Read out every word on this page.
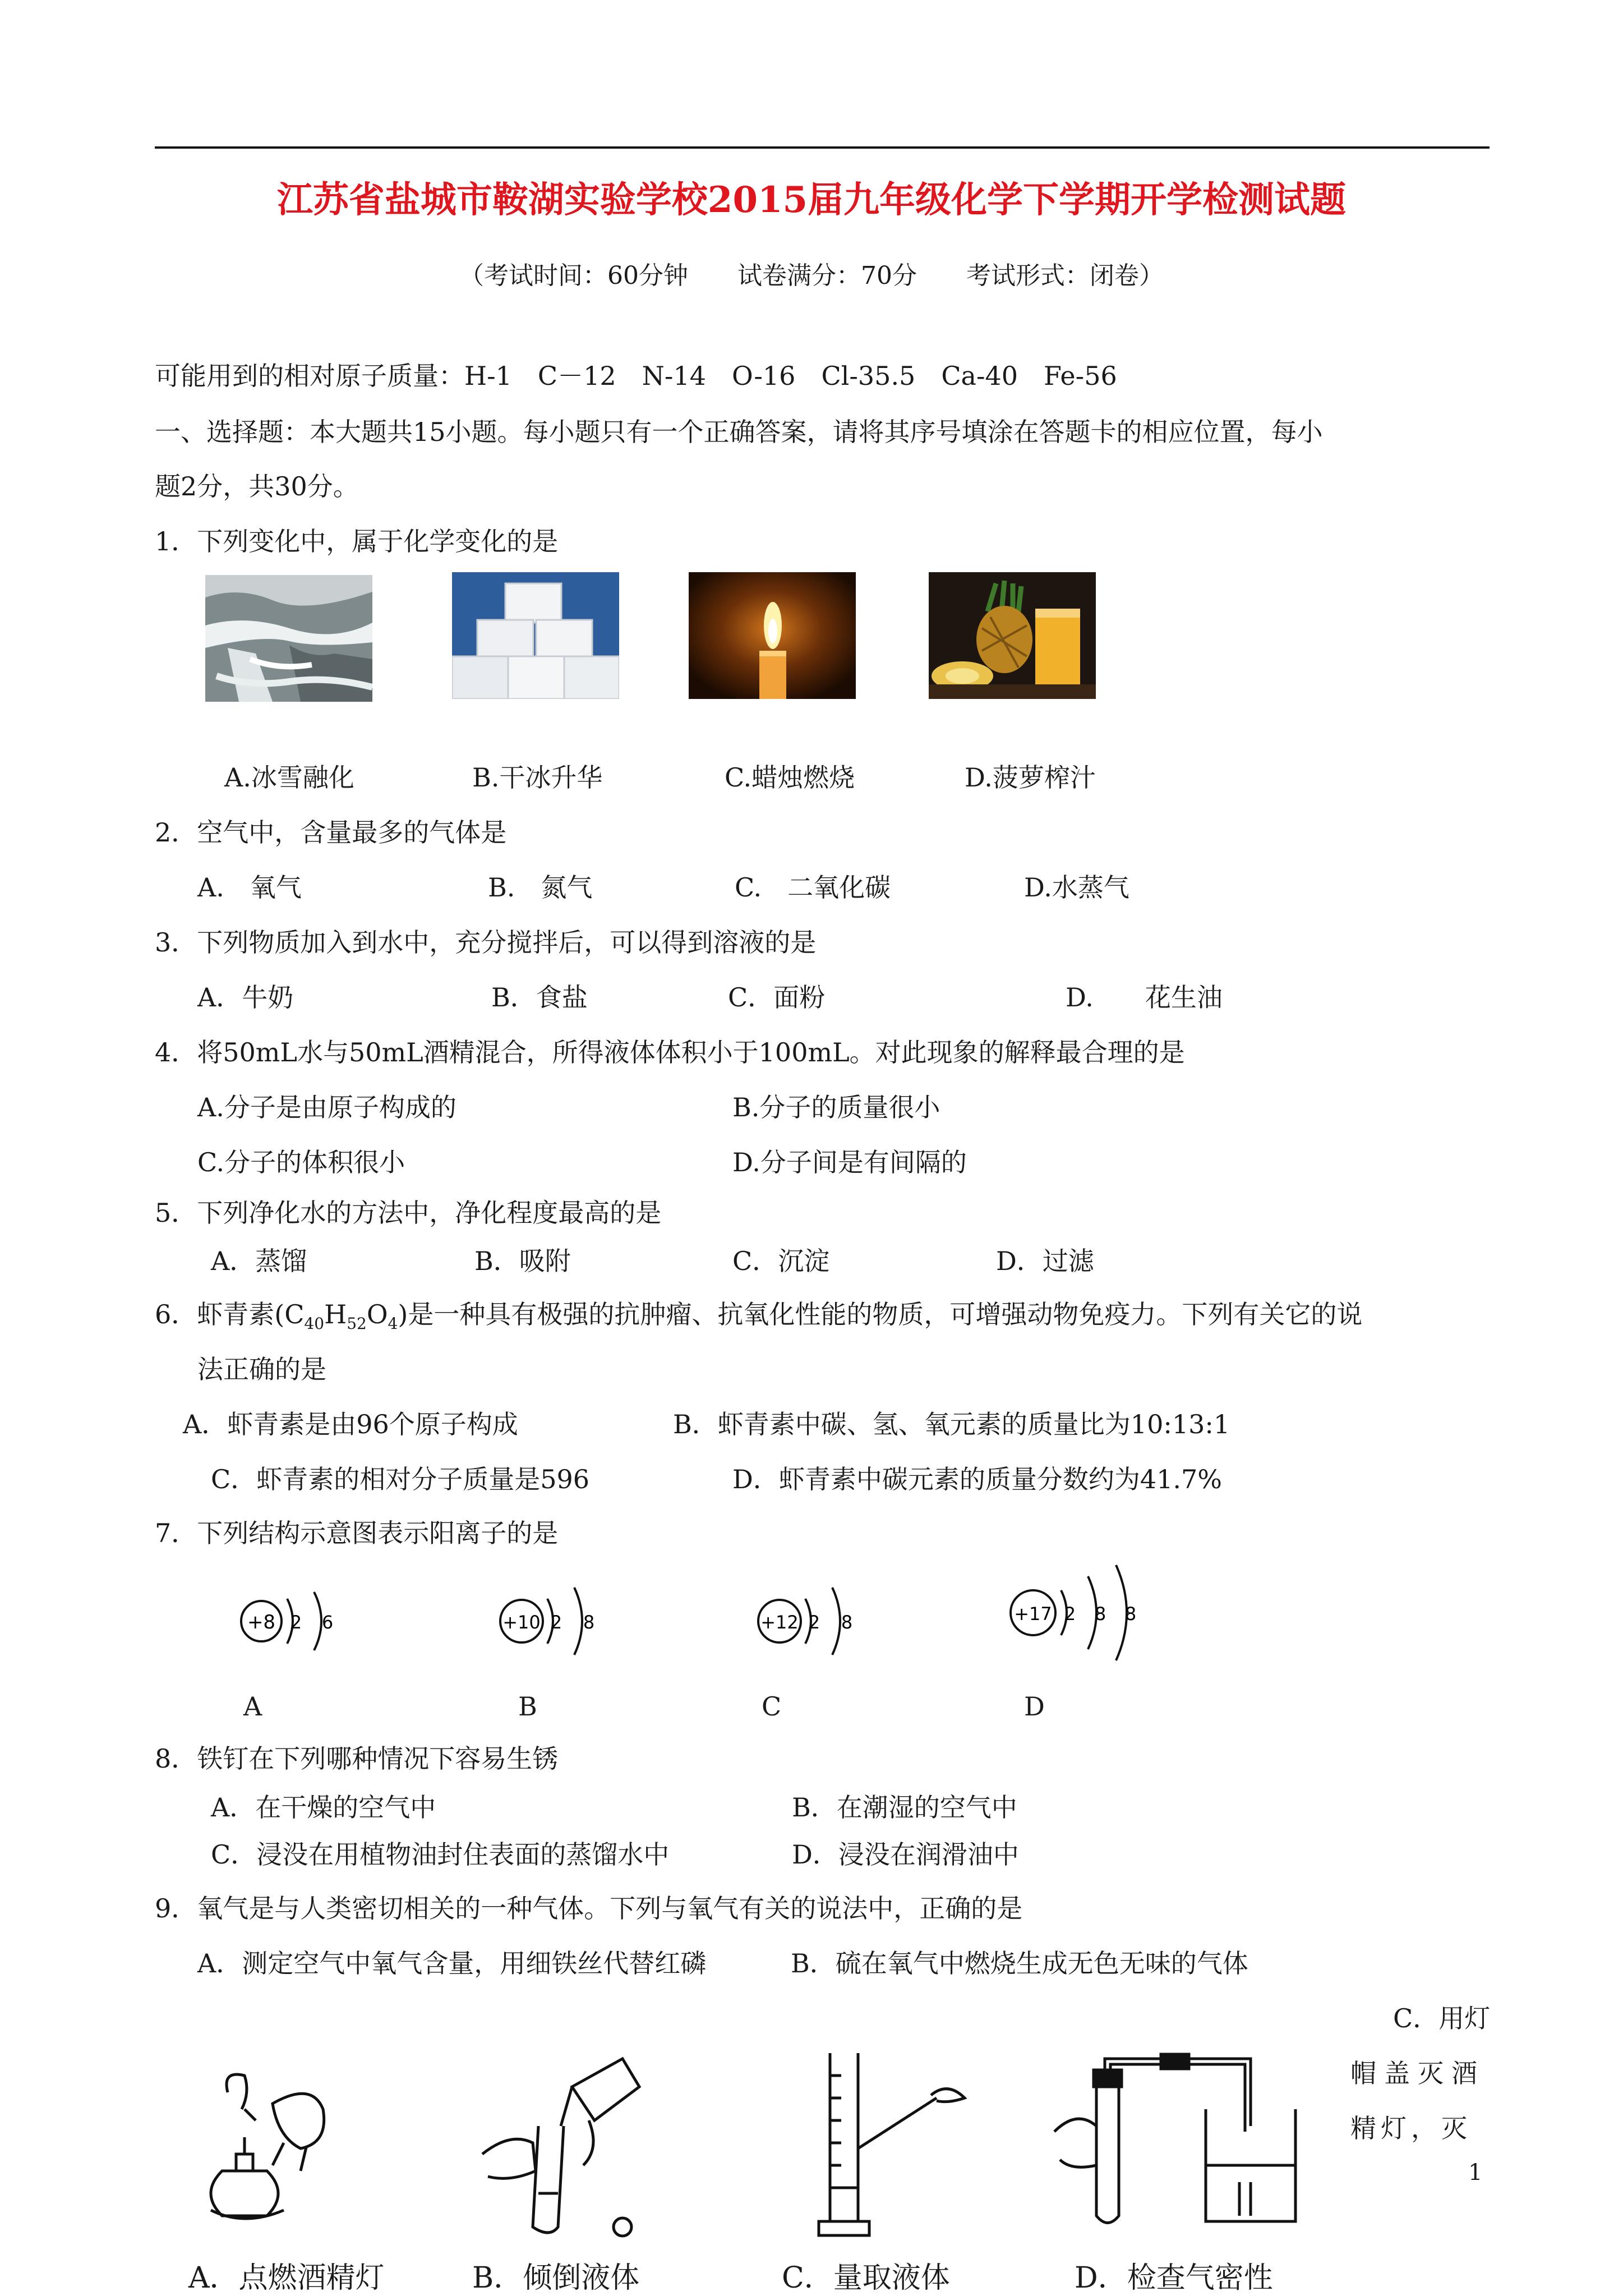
江苏省盐城市鞍湖实验学校2015届九年级化学下学期开学检测试题
（考试时间：60分钟　　试卷满分：70分　　考试形式：闭卷）
可能用到的相对原子质量：H-1　C－12　N-14　O-16　Cl-35.5　Ca-40　Fe-56
一、选择题：本大题共15小题。每小题只有一个正确答案，请将其序号填涂在答题卡的相应位置，每小
题2分，共30分。
1．下列变化中，属于化学变化的是
A.冰雪融化	B.干冰升华	C.蜡烛燃烧	D.菠萝榨汁
2．空气中，含量最多的气体是
A.　氧气	B.　氮气	C.　二氧化碳	D.水蒸气
3．下列物质加入到水中，充分搅拌后，可以得到溶液的是
A．牛奶	B．食盐	C．面粉	D.　　花生油
4．将50mL水与50mL酒精混合，所得液体体积小于100mL。对此现象的解释最合理的是
A.分子是由原子构成的	B.分子的质量很小
C.分子的体积很小	D.分子间是有间隔的
5．下列净化水的方法中，净化程度最高的是
A．蒸馏	B．吸附	C．沉淀	D．过滤
6．虾青素$(C_{40}H_{52}O_4)$是一种具有极强的抗肿瘤、抗氧化性能的物质，可增强动物免疫力。下列有关它的说
法正确的是
A．虾青素是由96个原子构成	B．虾青素中碳、氢、氧元素的质量比为10:13:1
C．虾青素的相对分子质量是596	D．虾青素中碳元素的质量分数约为41.7%
7．下列结构示意图表示阳离子的是
+8 2 6	+10 2 8	+12 2 8	+17 2 8 8
A	B	C	D
8．铁钉在下列哪种情况下容易生锈
A．在干燥的空气中	B．在潮湿的空气中
C．浸没在用植物油封住表面的蒸馏水中	D．浸没在润滑油中
9．氧气是与人类密切相关的一种气体。下列与氧气有关的说法中，正确的是
A．测定空气中氧气含量，用细铁丝代替红磷	B．硫在氧气中燃烧生成无色无味的气体
C．用灯
帽盖灭酒
精灯，灭
1
A．点燃酒精灯	B．倾倒液体	C．量取液体	D．检查气密性
